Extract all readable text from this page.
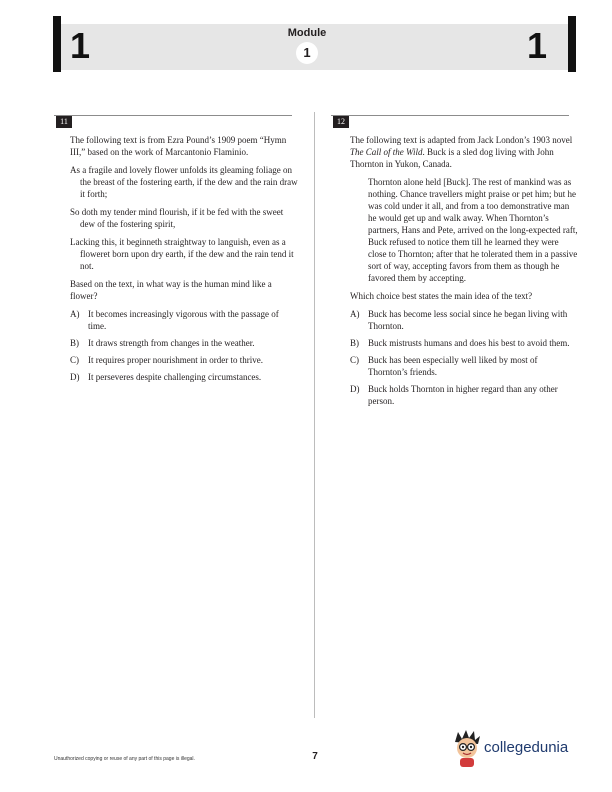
1	1
Module
1
11	12

The following text is from Ezra Pound’s 1909 poem “Hymn III,” based on the work of Marcantonio Flaminio.

As a fragile and lovely flower unfolds its gleaming foliage on the breast of the fostering earth, if the dew and the rain draw it forth;

So doth my tender mind flourish, if it be fed with the sweet dew of the fostering spirit,

Lacking this, it beginneth straightway to languish, even as a floweret born upon dry earth, if the dew and the rain tend it not.

Based on the text, in what way is the human mind like a flower?

A) It becomes increasingly vigorous with the passage of time.
B)	It draws strength from changes in the weather.
C)	It requires proper nourishment in order to thrive.
D) It perseveres despite challenging circumstances.

The following text is adapted from Jack London’s 1903 novel The Call of the Wild. Buck is a sled dog living with John Thornton in Yukon, Canada.

Thornton alone held [Buck]. The rest of mankind was as nothing. Chance travellers might praise or pet him; but he was cold under it all, and from a too demonstrative man he would get up and walk away. When Thornton’s partners, Hans and Pete, arrived on the long-expected raft, Buck refused to notice them till he learned they were close to Thornton; after that he tolerated them in a passive sort of way, accepting favors from them as though he favored them by accepting.

Which choice best states the main idea of the text?

A) Buck has become less social since he began living with Thornton.
B)	Buck mistrusts humans and does his best to avoid them.
C)	Buck has been especially well liked by most of Thornton’s friends.
D) Buck holds Thornton in higher regard than any other person.
Unauthorized copying or reuse of any part of this page is illegal.	7
collegedunia
